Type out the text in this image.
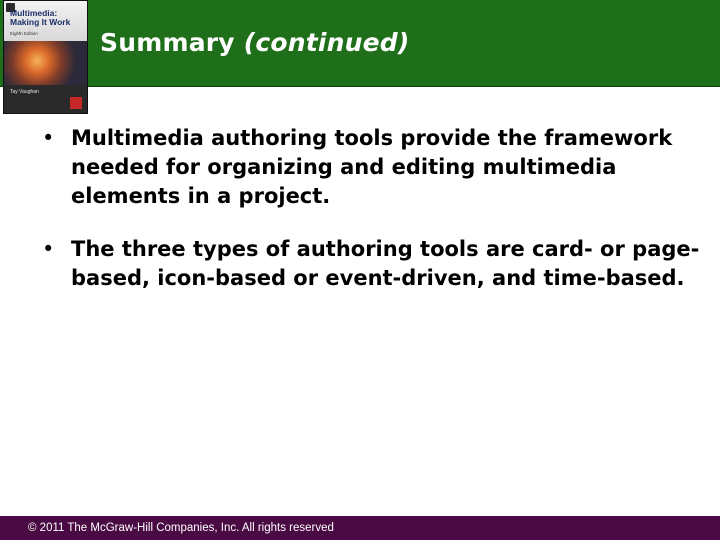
Summary (continued)
Multimedia: Making It Work
Eighth Edition
Tay Vaughan
• Multimedia authoring tools provide the framework needed for organizing and editing multimedia elements in a project.
• The three types of authoring tools are card- or page-based, icon-based or event-driven, and time-based.

© 2011 The McGraw-Hill Companies, Inc. All rights reserved
